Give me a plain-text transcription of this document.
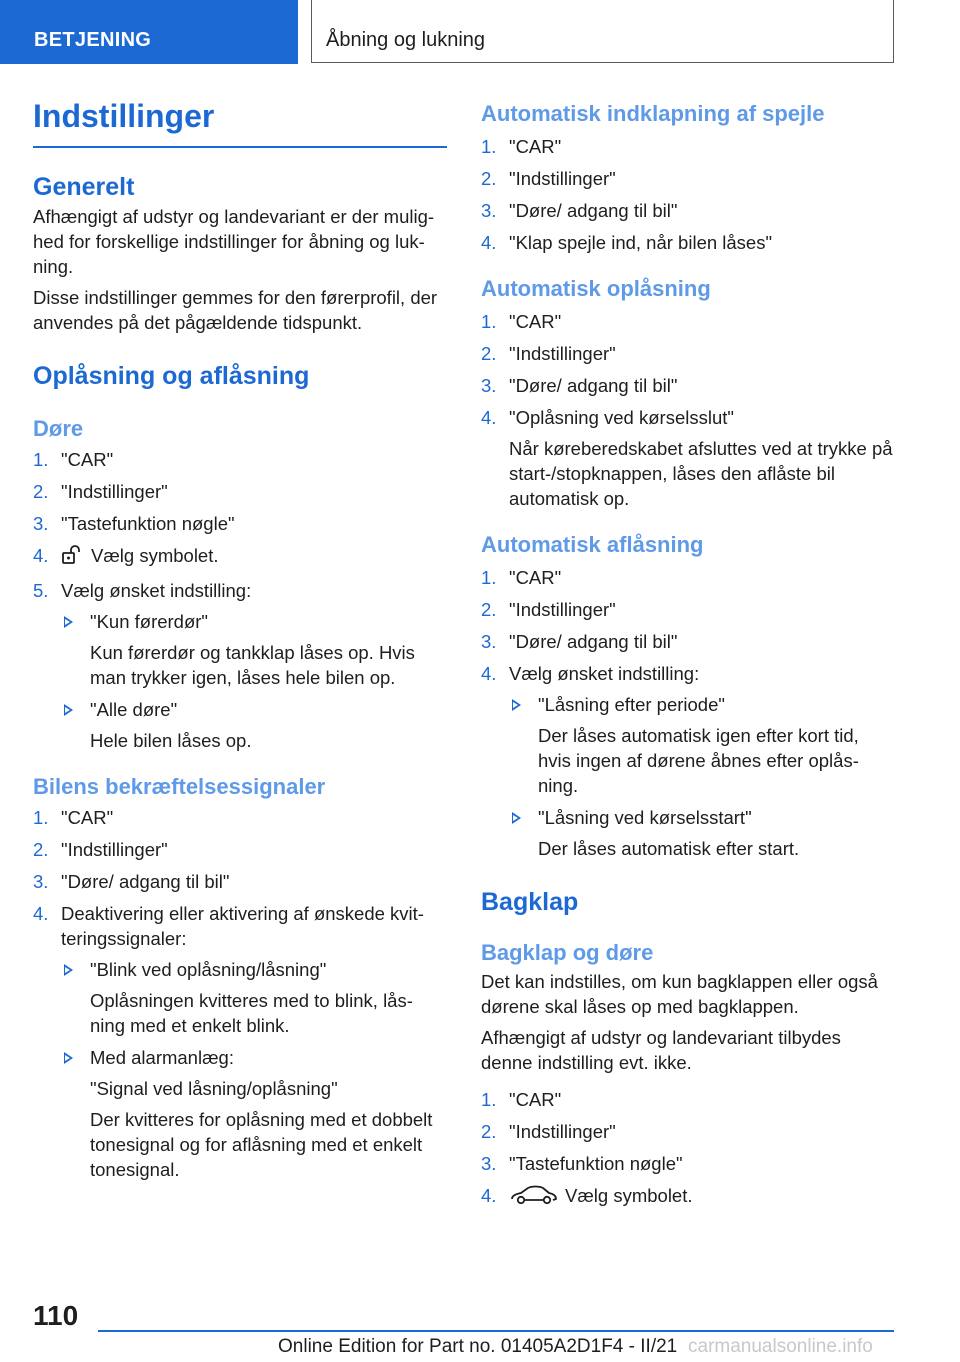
BETJENING	Åbning og lukning
Indstillinger
Generelt

Afhængigt af udstyr og landevariant er der mulig‐hed for forskellige indstillinger for åbning og luk‐ning.

Disse indstillinger gemmes for den førerprofil, der anvendes på det pågældende tidspunkt.

Oplåsning og aflåsning
Døre
1. "CAR"
2. "Indstillinger"
3. "Tastefunktion nøgle"
4. Vælg symbolet.
5. Vælg ønsket indstilling:
"Kun førerdør"
Kun førerdør og tankklap låses op. Hvis man trykker igen, låses hele bilen op.
"Alle døre"
Hele bilen låses op.
Bilens bekræftelsessignaler
1. "CAR"
2. "Indstillinger"
3. "Døre/ adgang til bil"
4. Deaktivering eller aktivering af ønskede kvit‐teringssignaler:
"Blink ved oplåsning/låsning"
Oplåsningen kvitteres med to blink, lås‐ning med et enkelt blink.
Med alarmanlæg:
"Signal ved låsning/oplåsning"
Der kvitteres for oplåsning med et dobbelt tonesignal og for aflåsning med et enkelt tonesignal.
Automatisk indklapning af spejle
1. "CAR"
2. "Indstillinger"
3. "Døre/ adgang til bil"
4. "Klap spejle ind, når bilen låses"
Automatisk oplåsning
1. "CAR"
2. "Indstillinger"
3. "Døre/ adgang til bil"
4. "Oplåsning ved kørselsslut"
Når køreberedskabet afsluttes ved at trykke på start-/stopknappen, låses den aflåste bil automatisk op.
Automatisk aflåsning
1. "CAR"
2. "Indstillinger"
3. "Døre/ adgang til bil"
4. Vælg ønsket indstilling:
"Låsning efter periode"
Der låses automatisk igen efter kort tid, hvis ingen af dørene åbnes efter oplås‐ning.
"Låsning ved kørselsstart"
Der låses automatisk efter start.
Bagklap
Bagklap og døre

Det kan indstilles, om kun bagklappen eller også dørene skal låses op med bagklappen.

Afhængigt af udstyr og landevariant tilbydes denne indstilling evt. ikke.

1. "CAR"
2. "Indstillinger"
3. "Tastefunktion nøgle"
4.	Vælg symbolet.
110
Online Edition for Part no. 01405A2D1F4 - II/21 carmanualsonline.info
